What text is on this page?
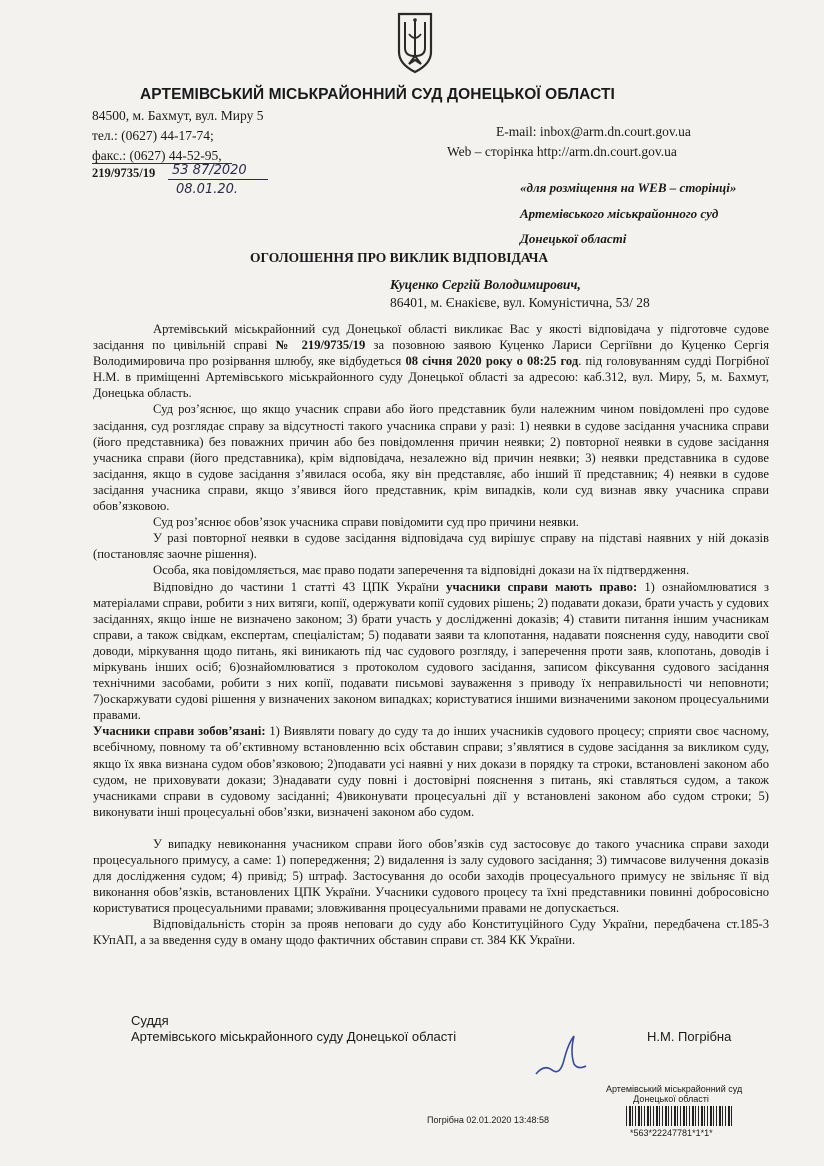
АРТЕМІВСЬКИЙ МІСЬКРАЙОННИЙ СУД ДОНЕЦЬКОЇ ОБЛАСТІ
84500, м. Бахмут, вул. Миру 5
тел.: (0627) 44-17-74;
факс.: (0627) 44-52-95,
E-mail: inbox@arm.dn.court.gov.ua
Web – сторінка http://arm.dn.court.gov.ua
219/9735/19 53 87/2020
08.01.20.	«для розміщення на WEB – сторінці»
Артемівського міськрайонного суд
Донецької області
ОГОЛОШЕННЯ ПРО ВИКЛИК ВІДПОВІДАЧА
Куценко Сергій Володимирович,
86401, м. Єнакієве, вул. Комуністична, 53/ 28

Артемівський міськрайонний суд Донецької області викликає Вас у якості відповідача у підготовче судове засідання по цивільній справі № 219/9735/19 за позовною заявою Куценко Лариси Сергіївни до Куценко Сергія Володимировича про розірвання шлюбу, яке відбудеться 08 січня 2020 року о 08:25 год. під головуванням судді Погрібної Н.М. в приміщенні Артемівського міськрайонного суду Донецької області за адресою: каб.312, вул. Миру, 5, м. Бахмут, Донецька область.

Суд роз’яснює, що якщо учасник справи або його представник були належним чином повідомлені про судове засідання, суд розглядає справу за відсутності такого учасника справи у разі: 1) неявки в судове засідання учасника справи (його представника) без поважних причин або без повідомлення причин неявки; 2) повторної неявки в судове засідання учасника справи (його представника), крім відповідача, незалежно від причин неявки; 3) неявки представника в судове засідання, якщо в судове засідання з’явилася особа, яку він представляє, або інший її представник; 4) неявки в судове засідання учасника справи, якщо з’явився його представник, крім випадків, коли суд визнав явку учасника справи обов’язковою.

Суд роз’яснює обов’язок учасника справи повідомити суд про причини неявки.

У разі повторної неявки в судове засідання відповідача суд вирішує справу на підставі наявних у ній доказів (постановляє заочне рішення).

Особа, яка повідомляється, має право подати заперечення та відповідні докази на їх підтвердження.

Відповідно до частини 1 статті 43 ЦПК України учасники справи мають право: 1) ознайомлюватися з матеріалами справи, робити з них витяги, копії, одержувати копії судових рішень; 2) подавати докази, брати участь у судових засіданнях, якщо інше не визначено законом; 3) брати участь у дослідженні доказів; 4) ставити питання іншим учасникам справи, а також свідкам, експертам, спеціалістам; 5) подавати заяви та клопотання, надавати пояснення суду, наводити свої доводи, міркування щодо питань, які виникають під час судового розгляду, і заперечення проти заяв, клопотань, доводів і міркувань інших осіб; 6)ознайомлюватися з протоколом судового засідання, записом фіксування судового засідання технічними засобами, робити з них копії, подавати письмові зауваження з приводу їх неправильності чи неповноти; 7)оскаржувати судові рішення у визначених законом випадках; користуватися іншими визначеними законом процесуальними правами.

Учасники справи зобов’язані: 1) Виявляти повагу до суду та до інших учасників судового процесу; сприяти своє часному, всебічному, повному та об’єктивному встановленню всіх обставин справи; з’являтися в судове засідання за викликом суду, якщо їх явка визнана судом обов’язковою; 2)подавати усі наявні у них докази в порядку та строки, встановлені законом або судом, не приховувати докази; 3)надавати суду повні і достовірні пояснення з питань, які ставляться судом, а також учасниками справи в судовому засіданні; 4)виконувати процесуальні дії у встановлені законом або судом строки; 5) виконувати інші процесуальні обов’язки, визначені законом або судом.

У випадку невиконання учасником справи його обов’язків суд застосовує до такого учасника справи заходи процесуального примусу, а саме: 1) попередження; 2) видалення із залу судового засідання; 3) тимчасове вилучення доказів для дослідження судом; 4) привід; 5) штраф. Застосування до особи заходів процесуального примусу не звільняє її від виконання обов’язків, встановлених ЦПК України. Учасники судового процесу та їхні представники повинні добросовісно користуватися процесуальними правами; зловживання процесуальними правами не допускається.

Відповідальність сторін за прояв неповаги до суду або Конституційного Суду України, передбачена ст.185-3 КУпАП, а за введення суду в оману щодо фактичних обставин справи ст. 384 КК України.

Суддя
Артемівського міськрайонного суду Донецької області	Н.М. Погрібна
Артемівський міськрайонний суд
Донецької області
Погрібна 02.01.2020 13:48:58
*563*22247781*1*1*
